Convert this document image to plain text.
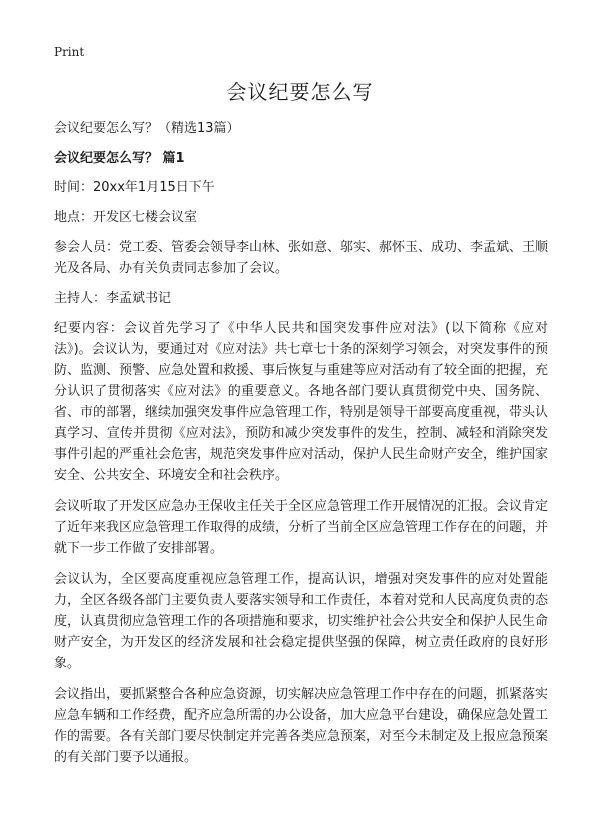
Print
会议纪要怎么写

会议纪要怎么写？（精选13篇）

会议纪要怎么写？ 篇1

时间：20xx年1月15日下午

地点：开发区七楼会议室

参会人员：党工委、管委会领导李山林、张如意、邬实、郝怀玉、成功、李孟斌、王顺光及各局、办有关负责同志参加了会议。

主持人：李孟斌书记

纪要内容：会议首先学习了《中华人民共和国突发事件应对法》(以下简称《应对法》)。会议认为，要通过对《应对法》共七章七十条的深刻学习领会，对突发事件的预防、监测、预警、应急处置和救援、事后恢复与重建等应对活动有了较全面的把握，充分认识了贯彻落实《应对法》的重要意义。各地各部门要认真贯彻党中央、国务院、省、市的部署，继续加强突发事件应急管理工作，特别是领导干部要高度重视，带头认真学习、宣传并贯彻《应对法》，预防和减少突发事件的发生，控制、减轻和消除突发事件引起的严重社会危害，规范突发事件应对活动，保护人民生命财产安全，维护国家安全、公共安全、环境安全和社会秩序。

会议听取了开发区应急办王保收主任关于全区应急管理工作开展情况的汇报。会议肯定了近年来我区应急管理工作取得的成绩，分析了当前全区应急管理工作存在的问题，并就下一步工作做了安排部署。

会议认为，全区要高度重视应急管理工作，提高认识，增强对突发事件的应对处置能力，全区各级各部门主要负责人要落实领导和工作责任，本着对党和人民高度负责的态度，认真贯彻应急管理工作的各项措施和要求，切实维护社会公共安全和保护人民生命财产安全，为开发区的经济发展和社会稳定提供坚强的保障，树立责任政府的良好形象。

会议指出，要抓紧整合各种应急资源，切实解决应急管理工作中存在的问题，抓紧落实应急车辆和工作经费，配齐应急所需的办公设备，加大应急平台建设，确保应急处置工作的需要。各有关部门要尽快制定并完善各类应急预案，对至今未制定及上报应急预案的有关部门要予以通报。
